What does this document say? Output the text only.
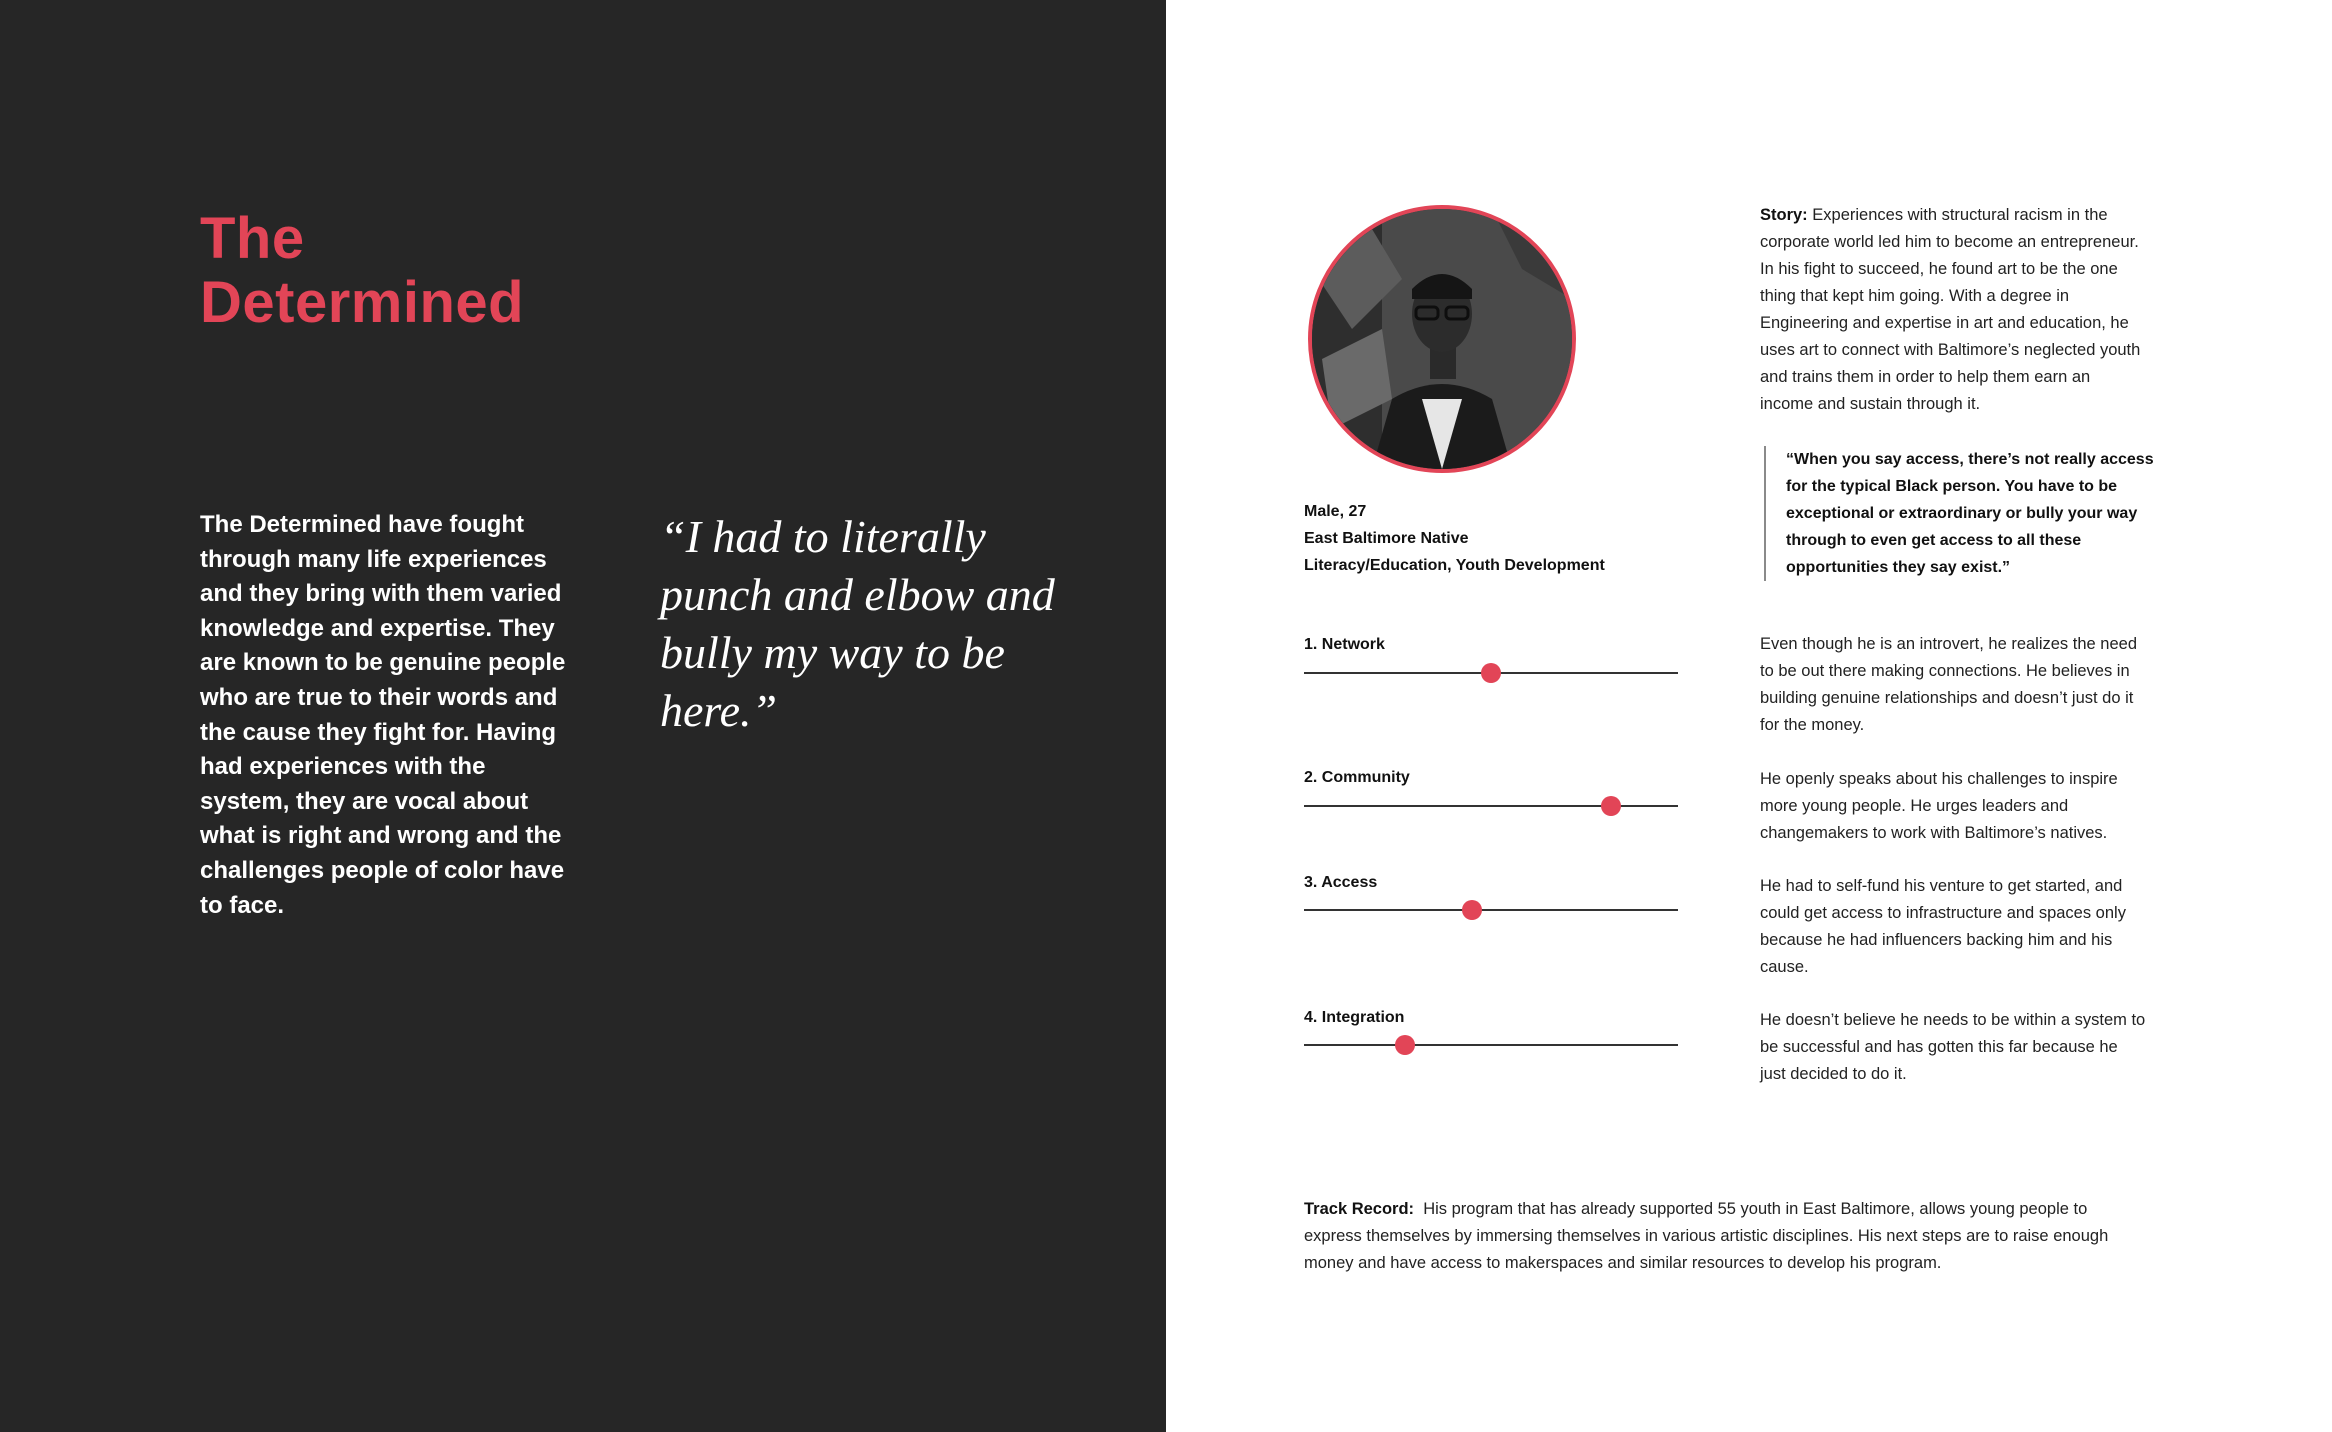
The
Determined

The Determined have fought through many life experiences and they bring with them varied knowledge and expertise. They are known to be genuine people who are true to their words and the cause they fight for. Having had experiences with the system, they are vocal about what is right and wrong and the challenges people of color have to face.

“I had to literally punch and elbow and bully my way to be here.”

Male, 27
East Baltimore Native
Literacy/Education, Youth Development

Story: Experiences with structural racism in the corporate world led him to become an entrepreneur. In his fight to succeed, he found art to be the one thing that kept him going. With a degree in Engineering and expertise in art and education, he uses art to connect with Baltimore’s neglected youth and trains them in order to help them earn an income and sustain through it.

“When you say access, there’s not really access for the typical Black person. You have to be exceptional or extraordinary or bully your way through to even get access to all these opportunities they say exist.”
1. Network	Even though he is an introvert, he realizes the need to be out there making connections. He believes in building genuine relationships and doesn’t just do it for the money.

2. Community	He openly speaks about his challenges to inspire more young people. He urges leaders and changemakers to work with Baltimore’s natives.

3. Access	He had to self-fund his venture to get started, and could get access to infrastructure and spaces only because he had influencers backing him and his cause.

4. Integration	He doesn’t believe he needs to be within a system to be successful and has gotten this far because he just decided to do it.

Track Record: His program that has already supported 55 youth in East Baltimore, allows young people to express themselves by immersing themselves in various artistic disciplines. His next steps are to raise enough money and have access to makerspaces and similar resources to develop his program.
